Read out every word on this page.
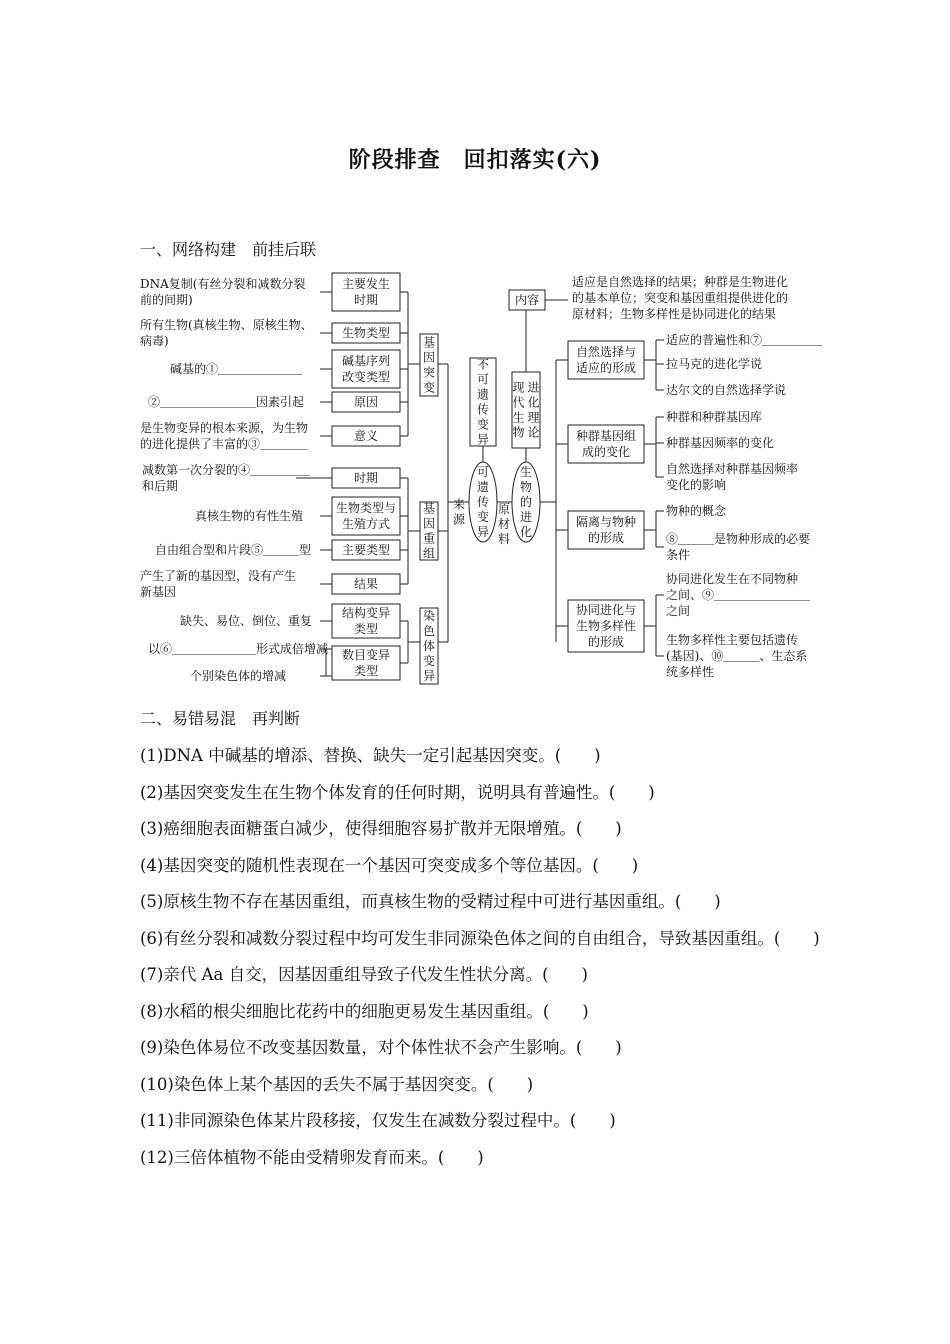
阶段排查　回扣落实(六)
一、网络构建　前挂后联
DNA复制(有丝分裂和减数分裂前的间期)
所有生物(真核生物、原核生物、病毒)
碱基的①＿＿＿＿＿＿＿
②＿＿＿＿＿＿＿＿因素引起
是生物变异的根本来源，为生物的进化提供了丰富的③＿＿＿＿
减数第一次分裂的④＿＿＿＿＿和后期
真核生物的有性生殖
自由组合型和片段⑤＿＿＿型
产生了新的基因型，没有产生新基因
缺失、易位、倒位、重复
以⑥＿＿＿＿＿＿＿形式成倍增减
个别染色体的增减
主要发生时期
生物类型
碱基序列改变类型
原因
意义
时期
生物类型与生殖方式
主要类型
结果
结构变异类型
数目变异类型
基
因
突
变
基
因
重
组
染
色
体
变
异
来
源
不
可
遗
传
变
异
可
遗
传
变
异
原
材
料
生
物
的
进
化
现
代
生
物
进
化
理
论
内容
适应是自然选择的结果；种群是生物进化的基本单位；突变和基因重组提供进化的原材料；生物多样性是协同进化的结果
自然选择与适应的形成
种群基因组成的变化
隔离与物种的形成
协同进化与生物多样性的形成
适应的普遍性和⑦＿＿＿＿＿
拉马克的进化学说
达尔文的自然选择学说
种群和种群基因库
种群基因频率的变化
自然选择对种群基因频率变化的影响
物种的概念
⑧＿＿＿是物种形成的必要条件
协同进化发生在不同物种之间、⑨＿＿＿＿＿＿＿＿之间
生物多样性主要包括遗传(基因)、⑩＿＿＿、生态系统多样性
二、易错易混　再判断

(1)DNA 中碱基的增添、替换、缺失一定引起基因突变。(　　)

(2)基因突变发生在生物个体发育的任何时期，说明具有普遍性。(　　)

(3)癌细胞表面糖蛋白减少，使得细胞容易扩散并无限增殖。(　　)

(4)基因突变的随机性表现在一个基因可突变成多个等位基因。(　　)

(5)原核生物不存在基因重组，而真核生物的受精过程中可进行基因重组。(　　)

(6)有丝分裂和减数分裂过程中均可发生非同源染色体之间的自由组合，导致基因重组。(　　)

(7)亲代 Aa 自交，因基因重组导致子代发生性状分离。(　　)

(8)水稻的根尖细胞比花药中的细胞更易发生基因重组。(　　)

(9)染色体易位不改变基因数量，对个体性状不会产生影响。(　　)

(10)染色体上某个基因的丢失不属于基因突变。(　　)

(11)非同源染色体某片段移接，仅发生在减数分裂过程中。(　　)

(12)三倍体植物不能由受精卵发育而来。(　　)
